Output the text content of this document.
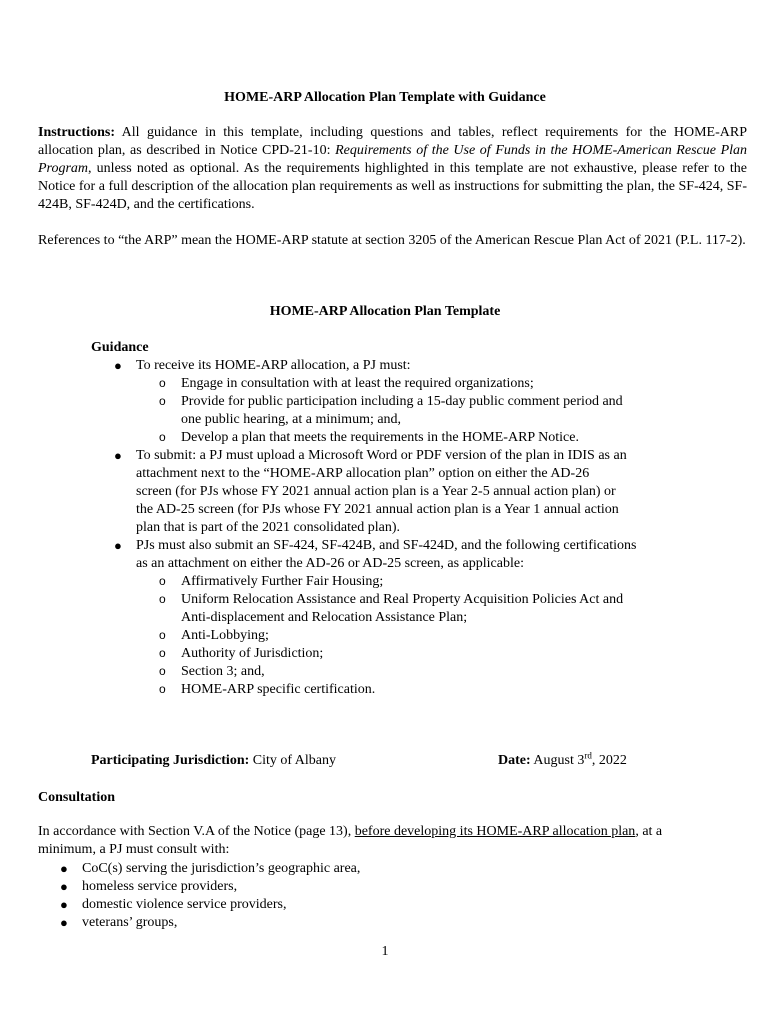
HOME-ARP Allocation Plan Template with Guidance
Instructions: All guidance in this template, including questions and tables, reflect requirements for the HOME-ARP allocation plan, as described in Notice CPD-21-10: Requirements of the Use of Funds in the HOME-American Rescue Plan Program, unless noted as optional. As the requirements highlighted in this template are not exhaustive, please refer to the Notice for a full description of the allocation plan requirements as well as instructions for submitting the plan, the SF-424, SF-424B, SF-424D, and the certifications.
References to “the ARP” mean the HOME-ARP statute at section 3205 of the American Rescue Plan Act of 2021 (P.L. 117-2).
HOME-ARP Allocation Plan Template
Guidance
● To receive its HOME-ARP allocation, a PJ must:
o Engage in consultation with at least the required organizations;
o Provide for public participation including a 15-day public comment period and
one public hearing, at a minimum; and,
o Develop a plan that meets the requirements in the HOME-ARP Notice.
● To submit: a PJ must upload a Microsoft Word or PDF version of the plan in IDIS as an
attachment next to the “HOME-ARP allocation plan” option on either the AD-26
screen (for PJs whose FY 2021 annual action plan is a Year 2-5 annual action plan) or
the AD-25 screen (for PJs whose FY 2021 annual action plan is a Year 1 annual action
plan that is part of the 2021 consolidated plan).
● PJs must also submit an SF-424, SF-424B, and SF-424D, and the following certifications
as an attachment on either the AD-26 or AD-25 screen, as applicable:
o Affirmatively Further Fair Housing;
o Uniform Relocation Assistance and Real Property Acquisition Policies Act and
Anti-displacement and Relocation Assistance Plan;
o Anti-Lobbying;
o Authority of Jurisdiction;
o Section 3; and,
o HOME-ARP specific certification.
Participating Jurisdiction: City of Albany	Date: August 3rd, 2022
Consultation
In accordance with Section V.A of the Notice (page 13), before developing its HOME-ARP allocation plan, at a
minimum, a PJ must consult with:
● CoC(s) serving the jurisdiction’s geographic area,
● homeless service providers,
● domestic violence service providers,
● veterans’ groups,
1
